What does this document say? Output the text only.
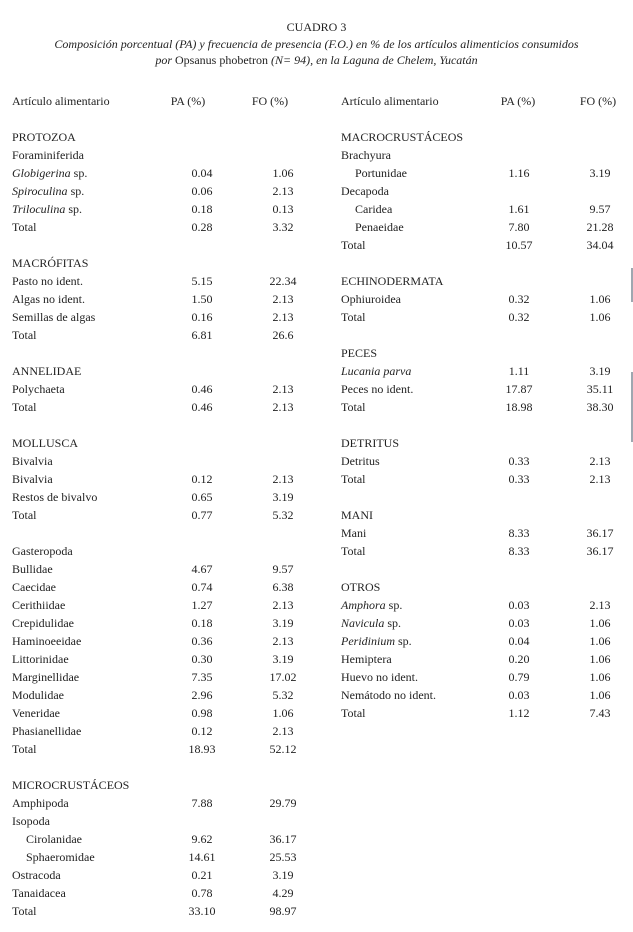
CUADRO 3
Composición porcentual (PA) y frecuencia de presencia (F.O.) en % de los artículos alimenticios consumidos
por Opsanus phobetron (N= 94), en la Laguna de Chelem, Yucatán
Artículo alimentario	PA (%)	FO (%)	Artículo alimentario	PA (%)	FO (%)
PROTOZOA
Foraminiferida
Globigerina sp.	0.04	1.06
Spiroculina sp.	0.06	2.13
Triloculina sp.	0.18	0.13
Total	0.28	3.32
MACRÓFITAS
Pasto no ident.	5.15	22.34
Algas no ident.	1.50	2.13
Semillas de algas	0.16	2.13
Total	6.81	26.6
ANNELIDAE
Polychaeta	0.46	2.13
Total	0.46	2.13
MOLLUSCA
Bivalvia
Bivalvia	0.12	2.13
Restos de bivalvo	0.65	3.19
Total	0.77	5.32
Gasteropoda
Bullidae	4.67	9.57
Caecidae	0.74	6.38
Cerithiidae	1.27	2.13
Crepidulidae	0.18	3.19
Haminoeeidae	0.36	2.13
Littorinidae	0.30	3.19
Marginellidae	7.35	17.02
Modulidae	2.96	5.32
Veneridae	0.98	1.06
Phasianellidae	0.12	2.13
Total	18.93	52.12
MICROCRUSTÁCEOS
Amphipoda	7.88	29.79
Isopoda
Cirolanidae	9.62	36.17
Sphaeromidae	14.61	25.53
Ostracoda	0.21	3.19
Tanaidacea	0.78	4.29
Total	33.10	98.97
MACROCRUSTÁCEOS
Brachyura
Portunidae	1.16	3.19
Decapoda
Caridea	1.61	9.57
Penaeidae	7.80	21.28
Total	10.57	34.04
ECHINODERMATA
Ophiuroidea	0.32	1.06
Total	0.32	1.06
PECES
Lucania parva	1.11	3.19
Peces no ident.	17.87	35.11
Total	18.98	38.30
DETRITUS
Detritus	0.33	2.13
Total	0.33	2.13
MANI
Mani	8.33	36.17
Total	8.33	36.17
OTROS
Amphora sp.	0.03	2.13
Navicula sp.	0.03	1.06
Peridinium sp.	0.04	1.06
Hemiptera	0.20	1.06
Huevo no ident.	0.79	1.06
Nemátodo no ident.	0.03	1.06
Total	1.12	7.43
